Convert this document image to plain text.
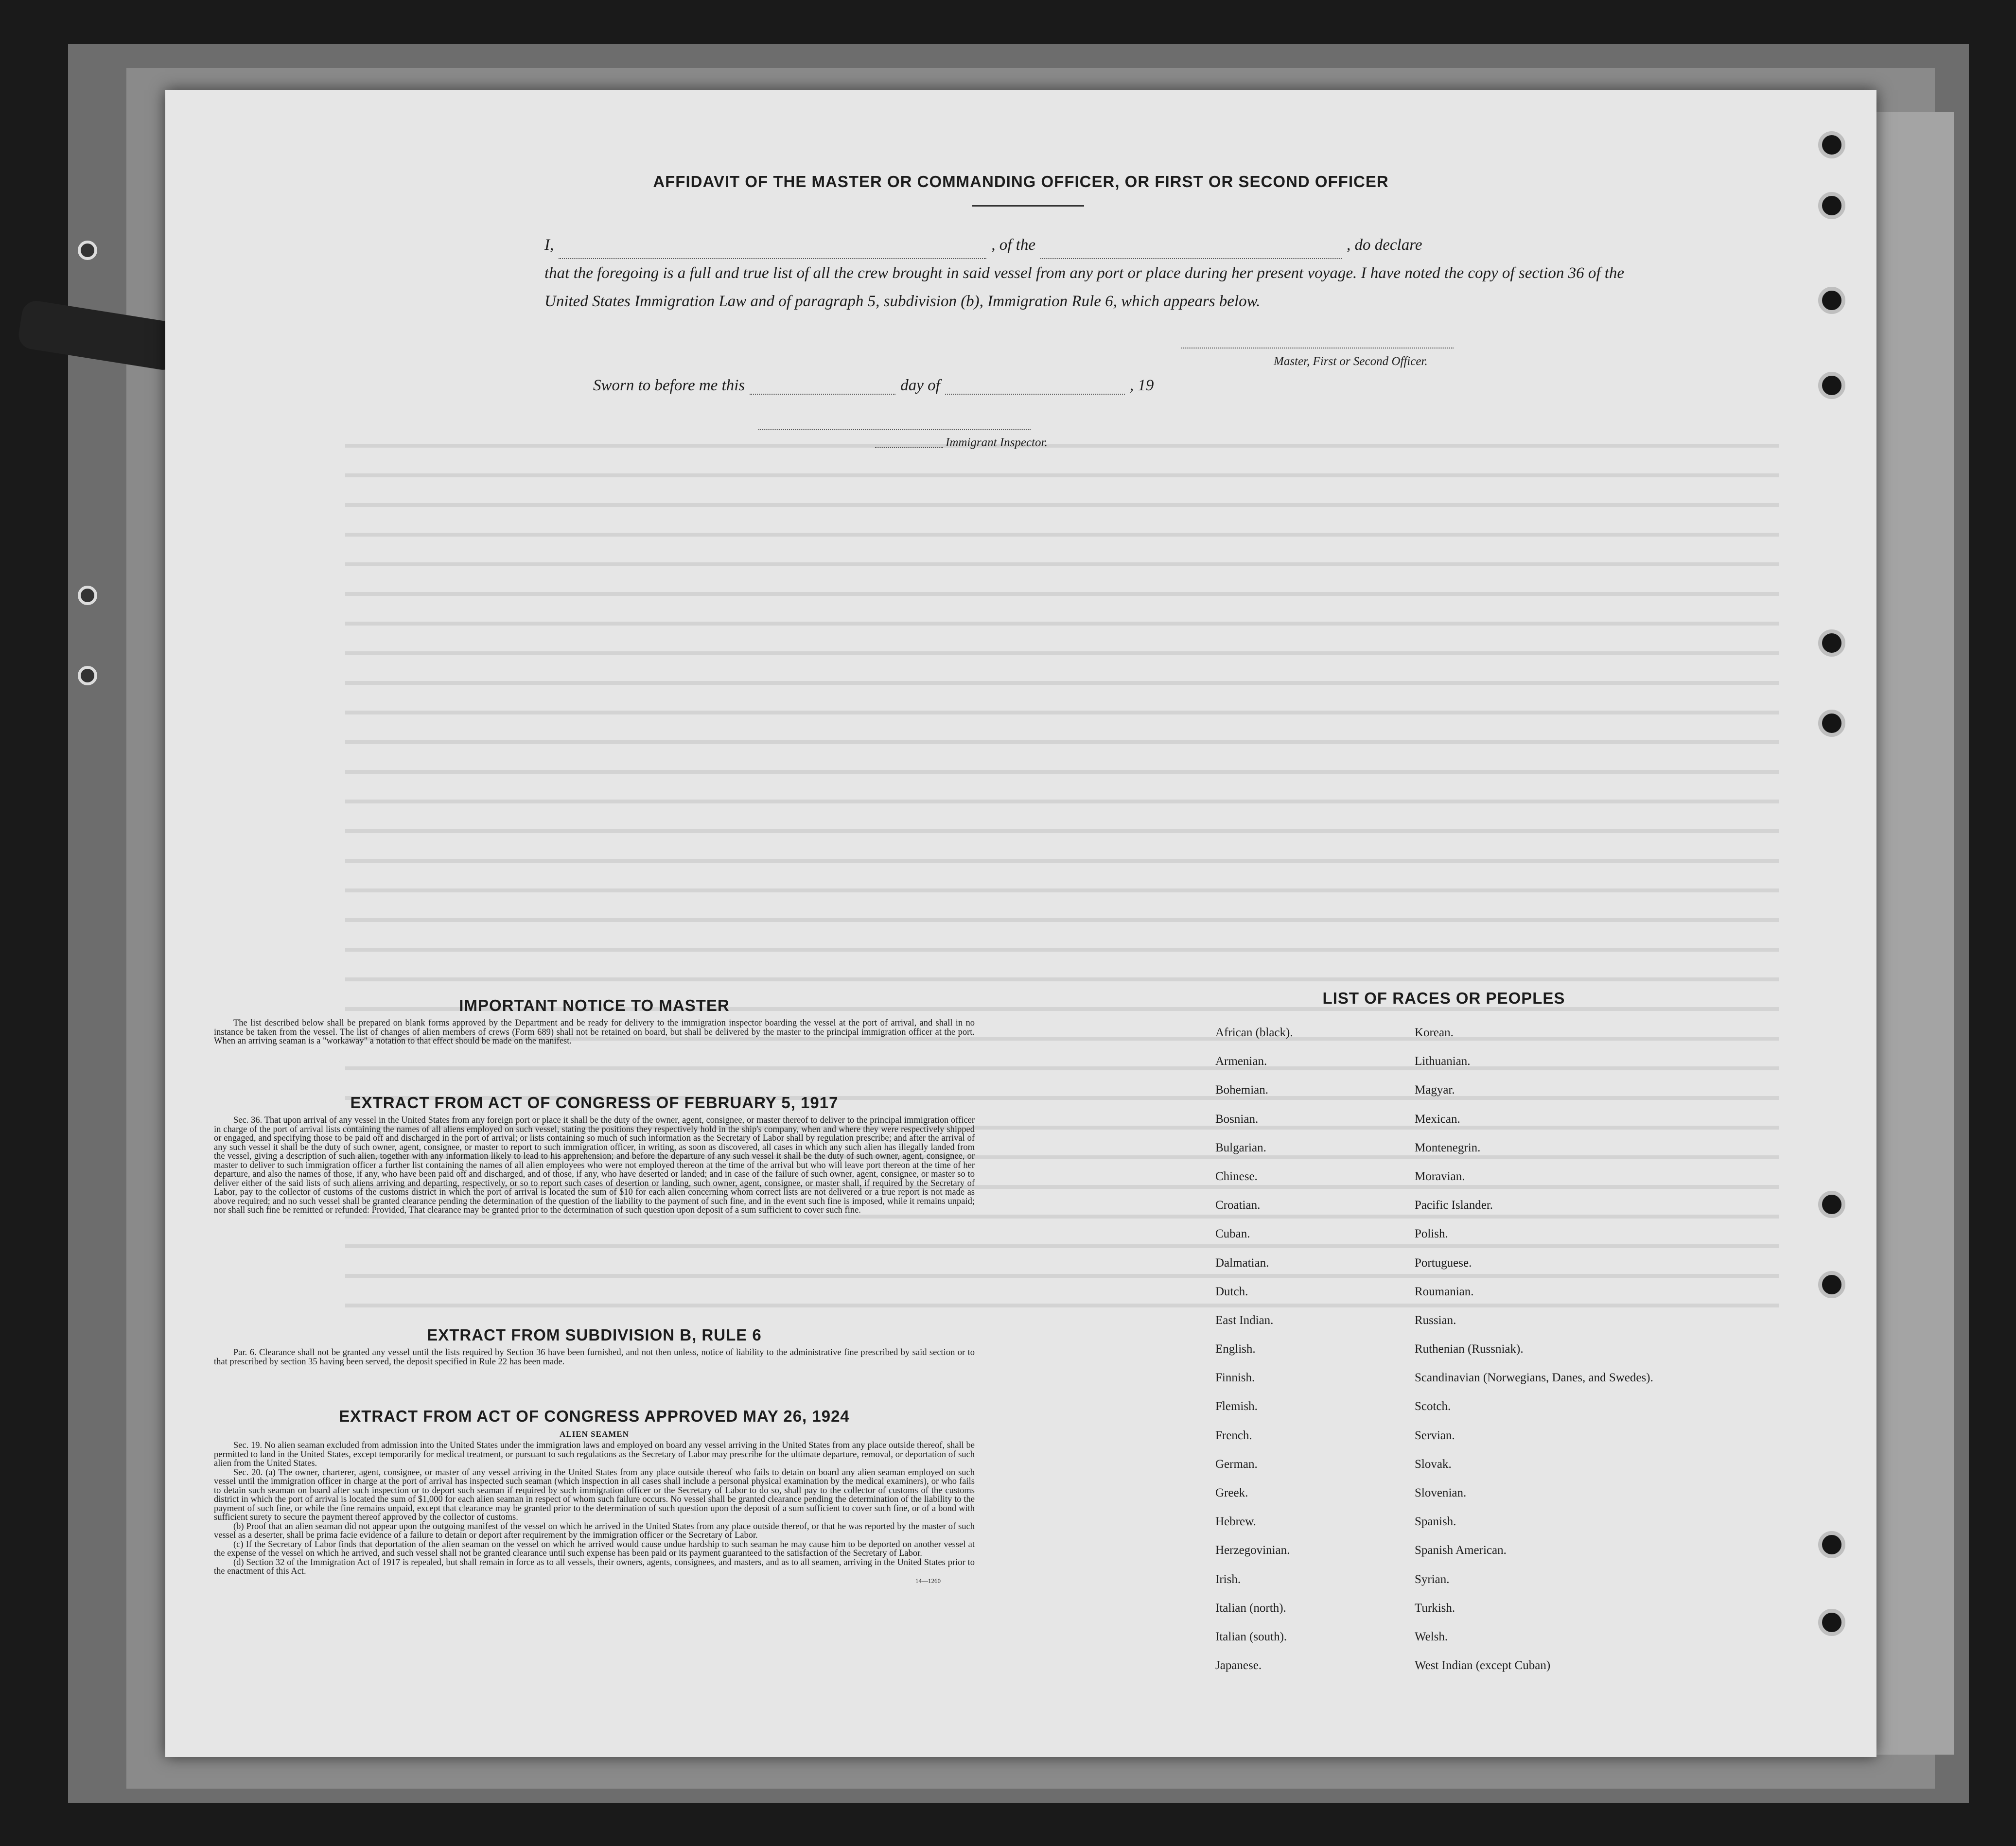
AFFIDAVIT OF THE MASTER OR COMMANDING OFFICER, OR FIRST OR SECOND OFFICER
I,	, of the	, do declare
that the foregoing is a full and true list of all the crew brought in said vessel from any port or place during her present voyage. I have noted the copy of section 36 of the United States Immigration Law and of paragraph 5, subdivision (b), Immigration Rule 6, which appears below.
Master, First or Second Officer.
Sworn to before me this	day of	, 19
Immigrant Inspector.
IMPORTANT NOTICE TO MASTER

The list described below shall be prepared on blank forms approved by the Department and be ready for delivery to the immigration inspector boarding the vessel at the port of arrival, and shall in no instance be taken from the vessel. The list of changes of alien members of crews (Form 689) shall not be retained on board, but shall be delivered by the master to the principal immigration officer at the port. When an arriving seaman is a "workaway" a notation to that effect should be made on the manifest.

EXTRACT FROM ACT OF CONGRESS OF FEBRUARY 5, 1917

Sec. 36. That upon arrival of any vessel in the United States from any foreign port or place it shall be the duty of the owner, agent, consignee, or master thereof to deliver to the principal immigration officer in charge of the port of arrival lists containing the names of all aliens employed on such vessel, stating the positions they respectively hold in the ship's company, when and where they were respectively shipped or engaged, and specifying those to be paid off and discharged in the port of arrival; or lists containing so much of such information as the Secretary of Labor shall by regulation prescribe; and after the arrival of any such vessel it shall be the duty of such owner, agent, consignee, or master to report to such immigration officer, in writing, as soon as discovered, all cases in which any such alien has illegally landed from the vessel, giving a description of such alien, together with any information likely to lead to his apprehension; and before the departure of any such vessel it shall be the duty of such owner, agent, consignee, or master to deliver to such immigration officer a further list containing the names of all alien employees who were not employed thereon at the time of the arrival but who will leave port thereon at the time of her departure, and also the names of those, if any, who have been paid off and discharged, and of those, if any, who have deserted or landed; and in case of the failure of such owner, agent, consignee, or master so to deliver either of the said lists of such aliens arriving and departing, respectively, or so to report such cases of desertion or landing, such owner, agent, consignee, or master shall, if required by the Secretary of Labor, pay to the collector of customs of the customs district in which the port of arrival is located the sum of $10 for each alien concerning whom correct lists are not delivered or a true report is not made as above required; and no such vessel shall be granted clearance pending the determination of the question of the liability to the payment of such fine, and in the event such fine is imposed, while it remains unpaid; nor shall such fine be remitted or refunded: Provided, That clearance may be granted prior to the determination of such question upon deposit of a sum sufficient to cover such fine.

EXTRACT FROM SUBDIVISION B, RULE 6

Par. 6. Clearance shall not be granted any vessel until the lists required by Section 36 have been furnished, and not then unless, notice of liability to the administrative fine prescribed by said section or to that prescribed by section 35 having been served, the deposit specified in Rule 22 has been made.

EXTRACT FROM ACT OF CONGRESS APPROVED MAY 26, 1924
ALIEN SEAMEN

Sec. 19. No alien seaman excluded from admission into the United States under the immigration laws and employed on board any vessel arriving in the United States from any place outside thereof, shall be permitted to land in the United States, except temporarily for medical treatment, or pursuant to such regulations as the Secretary of Labor may prescribe for the ultimate departure, removal, or deportation of such alien from the United States.

Sec. 20. (a) The owner, charterer, agent, consignee, or master of any vessel arriving in the United States from any place outside thereof who fails to detain on board any alien seaman employed on such vessel until the immigration officer in charge at the port of arrival has inspected such seaman (which inspection in all cases shall include a personal physical examination by the medical examiners), or who fails to detain such seaman on board after such inspection or to deport such seaman if required by such immigration officer or the Secretary of Labor to do so, shall pay to the collector of customs of the customs district in which the port of arrival is located the sum of $1,000 for each alien seaman in respect of whom such failure occurs. No vessel shall be granted clearance pending the determination of the liability to the payment of such fine, or while the fine remains unpaid, except that clearance may be granted prior to the determination of such question upon the deposit of a sum sufficient to cover such fine, or of a bond with sufficient surety to secure the payment thereof approved by the collector of customs.

(b) Proof that an alien seaman did not appear upon the outgoing manifest of the vessel on which he arrived in the United States from any place outside thereof, or that he was reported by the master of such vessel as a deserter, shall be prima facie evidence of a failure to detain or deport after requirement by the immigration officer or the Secretary of Labor.

(c) If the Secretary of Labor finds that deportation of the alien seaman on the vessel on which he arrived would cause undue hardship to such seaman he may cause him to be deported on another vessel at the expense of the vessel on which he arrived, and such vessel shall not be granted clearance until such expense has been paid or its payment guaranteed to the satisfaction of the Secretary of Labor.

(d) Section 32 of the Immigration Act of 1917 is repealed, but shall remain in force as to all vessels, their owners, agents, consignees, and masters, and as to all seamen, arriving in the United States prior to the enactment of this Act.

14—1260
LIST OF RACES OR PEOPLES
African (black).	Korean.
Armenian.	Lithuanian.
Bohemian.	Magyar.
Bosnian.	Mexican.
Bulgarian.	Montenegrin.
Chinese.	Moravian.
Croatian.	Pacific Islander.
Cuban.	Polish.
Dalmatian.	Portuguese.
Dutch.	Roumanian.
East Indian.	Russian.
English.	Ruthenian (Russniak).
Finnish.	Scandinavian (Norwegians, Danes, and Swedes).
Flemish.	Scotch.
French.	Servian.
German.	Slovak.
Greek.	Slovenian.
Hebrew.	Spanish.
Herzegovinian.	Spanish American.
Irish.	Syrian.
Italian (north).	Turkish.
Italian (south).	Welsh.
Japanese.	West Indian (except Cuban)
